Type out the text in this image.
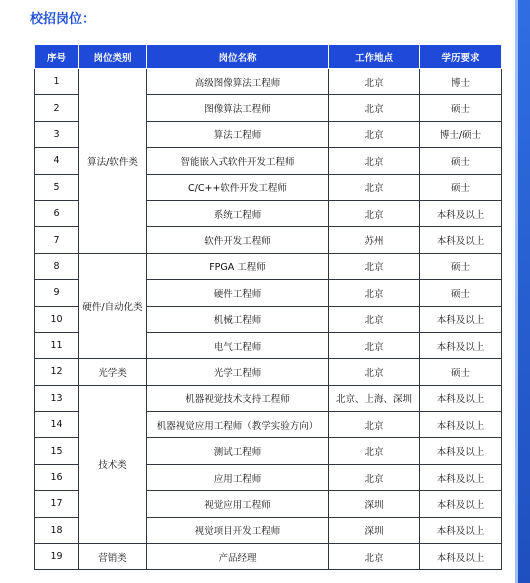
校招岗位：
序号	岗位类别	岗位名称	工作地点	学历要求
1	算法/软件类	高级图像算法工程师	北京	博士
2		图像算法工程师	北京	硕士
3		算法工程师	北京	博士/硕士
4		智能嵌入式软件开发工程师	北京	硕士
5		C/C++软件开发工程师	北京	硕士
6		系统工程师	北京	本科及以上
7		软件开发工程师	苏州	本科及以上
8	硬件/自动化类	FPGA 工程师	北京	硕士
9		硬件工程师	北京	硕士
10		机械工程师	北京	本科及以上
11		电气工程师	北京	本科及以上
12	光学类	光学工程师	北京	硕士
13	技术类	机器视觉技术支持工程师	北京、上海、深圳	本科及以上
14		机器视觉应用工程师（教学实验方向）	北京	本科及以上
15		测试工程师	北京	本科及以上
16		应用工程师	北京	本科及以上
17		视觉应用工程师	深圳	本科及以上
18		视觉项目开发工程师	深圳	本科及以上
19	营销类	产品经理	北京	本科及以上
